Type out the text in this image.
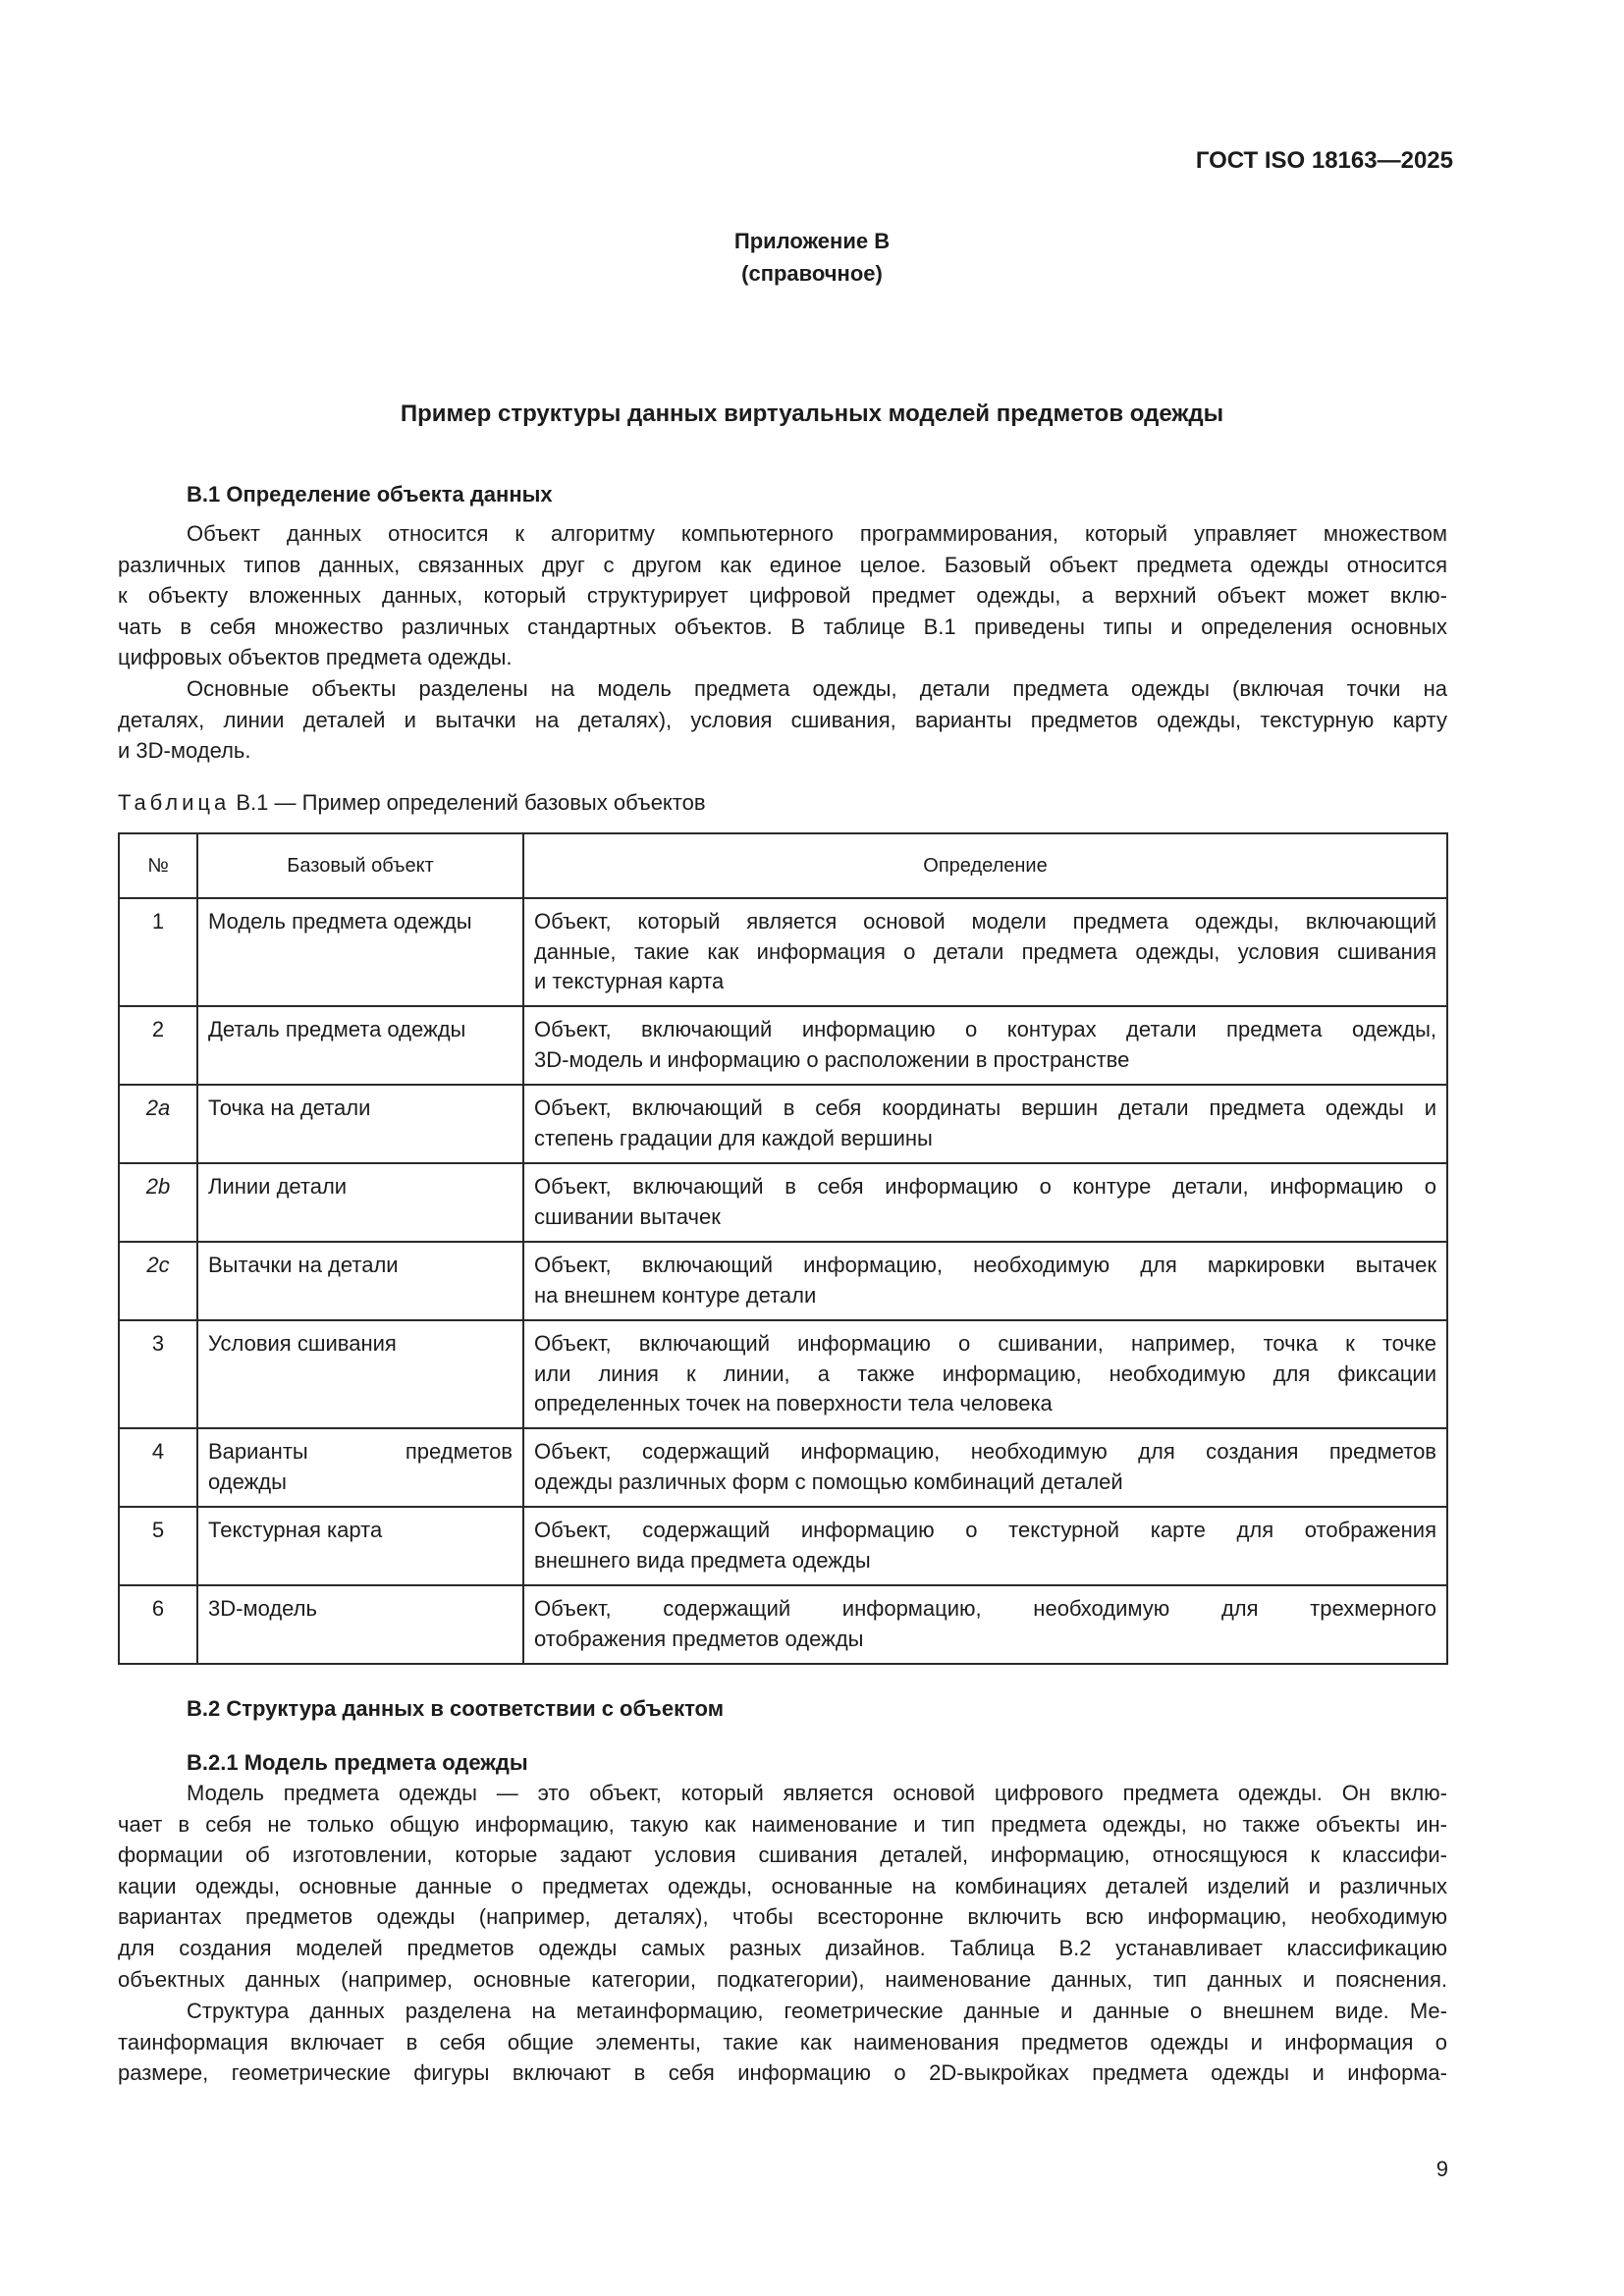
ГОСТ ISO 18163—2025
Приложение В
(справочное)
Пример структуры данных виртуальных моделей предметов одежды
В.1 Определение объекта данных
Объект данных относится к алгоритму компьютерного программирования, который управляет множеством
различных типов данных, связанных друг с другом как единое целое. Базовый объект предмета одежды относится
к объекту вложенных данных, который структурирует цифровой предмет одежды, а верхний объект может вклю-
чать в себя множество различных стандартных объектов. В таблице В.1 приведены типы и определения основных
цифровых объектов предмета одежды.
Основные объекты разделены на модель предмета одежды, детали предмета одежды (включая точки на
деталях, линии деталей и вытачки на деталях), условия сшивания, варианты предметов одежды, текстурную карту
и 3D-модель.
Таблица В.1 — Пример определений базовых объектов
№	Базовый объект	Определение
1	Модель предмета одежды	Объект, который является основой модели предмета одежды, включающий
данные, такие как информация о детали предмета одежды, условия сшивания
и текстурная карта

2	Деталь предмета одежды	Объект, включающий информацию о контурах детали предмета одежды,
3D-модель и информацию о расположении в пространстве

2a	Точка на детали	Объект, включающий в себя координаты вершин детали предмета одежды и
степень градации для каждой вершины

2b	Линии детали	Объект, включающий в себя информацию о контуре детали, информацию о
сшивании вытачек

2c	Вытачки на детали	Объект, включающий информацию, необходимую для маркировки вытачек
на внешнем контуре детали

3	Условия сшивания	Объект, включающий информацию о сшивании, например, точка к точке
или линия к линии, а также информацию, необходимую для фиксации
определенных точек на поверхности тела человека

4	Варианты предметов
одежды	Объект, содержащий информацию, необходимую для создания предметов
одежды различных форм с помощью комбинаций деталей

5	Текстурная карта	Объект, содержащий информацию о текстурной карте для отображения
внешнего вида предмета одежды

6	3D-модель	Объект, содержащий информацию, необходимую для трехмерного
отображения предметов одежды
В.2 Структура данных в соответствии с объектом
В.2.1 Модель предмета одежды
Модель предмета одежды — это объект, который является основой цифрового предмета одежды. Он вклю-
чает в себя не только общую информацию, такую как наименование и тип предмета одежды, но также объекты ин-
формации об изготовлении, которые задают условия сшивания деталей, информацию, относящуюся к классифи-
кации одежды, основные данные о предметах одежды, основанные на комбинациях деталей изделий и различных
вариантах предметов одежды (например, деталях), чтобы всесторонне включить всю информацию, необходимую
для создания моделей предметов одежды самых разных дизайнов. Таблица В.2 устанавливает классификацию
объектных данных (например, основные категории, подкатегории), наименование данных, тип данных и пояснения.
Структура данных разделена на метаинформацию, геометрические данные и данные о внешнем виде. Ме-
таинформация включает в себя общие элементы, такие как наименования предметов одежды и информация о
размере, геометрические фигуры включают в себя информацию о 2D-выкройках предмета одежды и информа-
9
